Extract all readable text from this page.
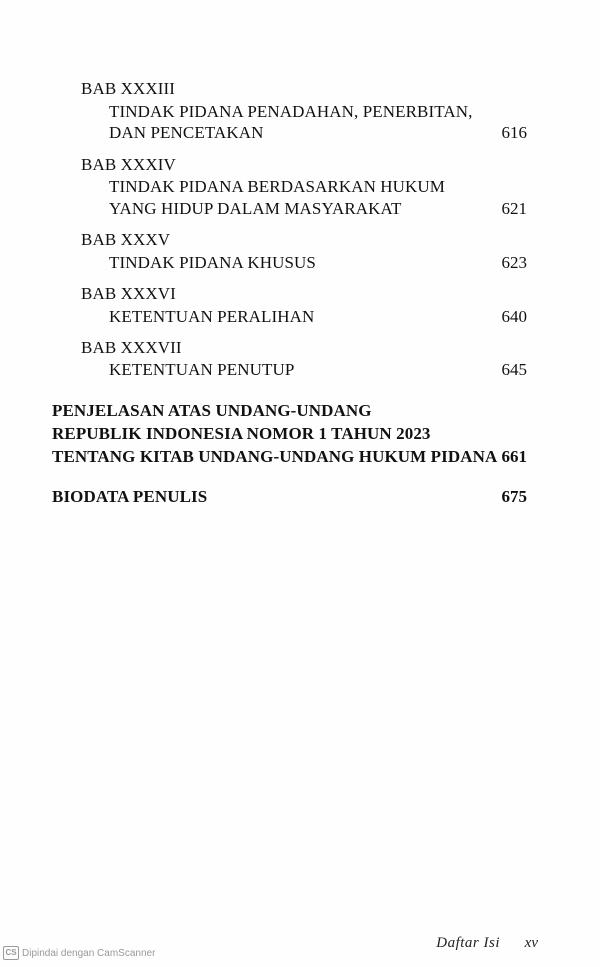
BAB XXXIII
TINDAK PIDANA PENADAHAN, PENERBITAN,
DAN PENCETAKAN	616
BAB XXXIV
TINDAK PIDANA BERDASARKAN HUKUM
YANG HIDUP DALAM MASYARAKAT	621
BAB XXXV
TINDAK PIDANA KHUSUS	623
BAB XXXVI
KETENTUAN PERALIHAN	640
BAB XXXVII
KETENTUAN PENUTUP	645
PENJELASAN ATAS UNDANG-UNDANG
REPUBLIK INDONESIA NOMOR 1 TAHUN 2023
TENTANG KITAB UNDANG-UNDANG HUKUM PIDANA 661
BIODATA PENULIS	675
Daftar Isi xv
CS Dipindai dengan CamScanner
